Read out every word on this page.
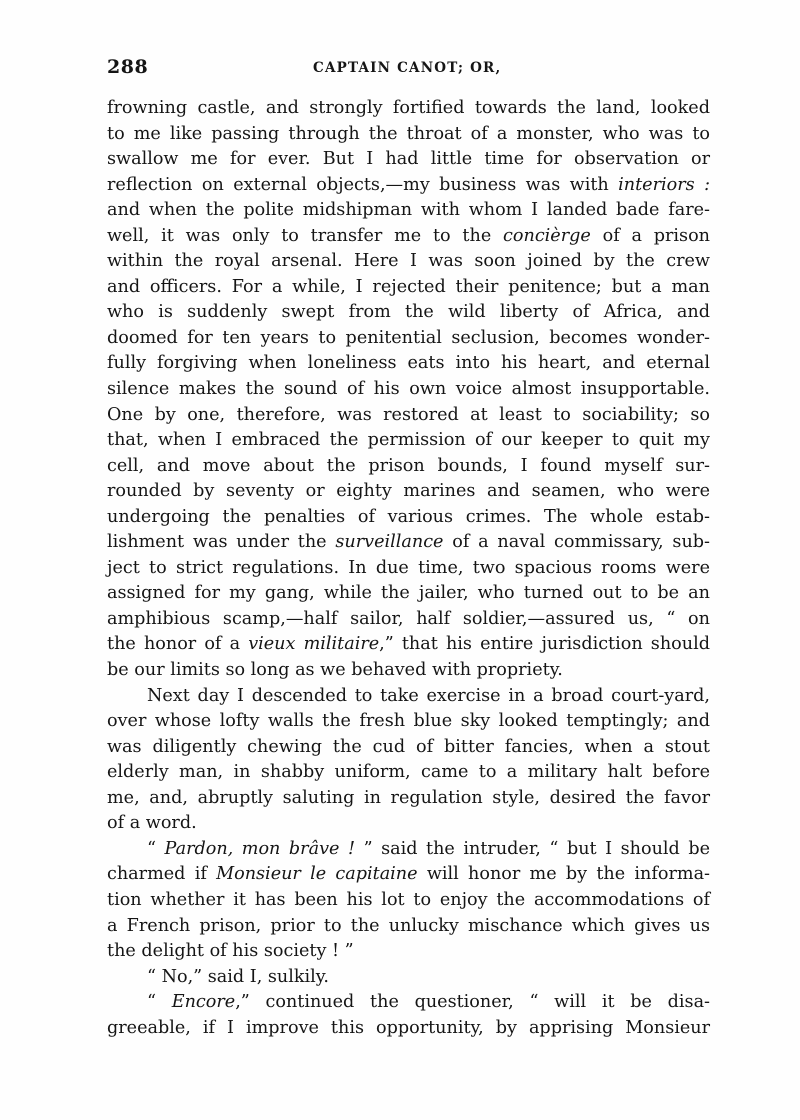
288	CAPTAIN CANOT; OR,
frowning castle, and strongly fortified towards the land, looked
to me like passing through the throat of a monster, who was to
swallow me for ever. But I had little time for observation or
reflection on external objects,—my business was with interiors :
and when the polite midshipman with whom I landed bade fare-
well, it was only to transfer me to the concièrge of a prison
within the royal arsenal. Here I was soon joined by the crew
and officers. For a while, I rejected their penitence; but a man
who is suddenly swept from the wild liberty of Africa, and
doomed for ten years to penitential seclusion, becomes wonder-
fully forgiving when loneliness eats into his heart, and eternal
silence makes the sound of his own voice almost insupportable.
One by one, therefore, was restored at least to sociability; so
that, when I embraced the permission of our keeper to quit my
cell, and move about the prison bounds, I found myself sur-
rounded by seventy or eighty marines and seamen, who were
undergoing the penalties of various crimes. The whole estab-
lishment was under the surveillance of a naval commissary, sub-
ject to strict regulations. In due time, two spacious rooms were
assigned for my gang, while the jailer, who turned out to be an
amphibious scamp,—half sailor, half soldier,—assured us, “ on
the honor of a vieux militaire,” that his entire jurisdiction should
be our limits so long as we behaved with propriety.
Next day I descended to take exercise in a broad court-yard,
over whose lofty walls the fresh blue sky looked temptingly; and
was diligently chewing the cud of bitter fancies, when a stout
elderly man, in shabby uniform, came to a military halt before
me, and, abruptly saluting in regulation style, desired the favor
of a word.
“ Pardon, mon brâve ! ” said the intruder, “ but I should be
charmed if Monsieur le capitaine will honor me by the informa-
tion whether it has been his lot to enjoy the accommodations of
a French prison, prior to the unlucky mischance which gives us
the delight of his society ! ”
“ No,” said I, sulkily.
“ Encore,” continued the questioner, “ will it be disa-
greeable, if I improve this opportunity, by apprising Monsieur
